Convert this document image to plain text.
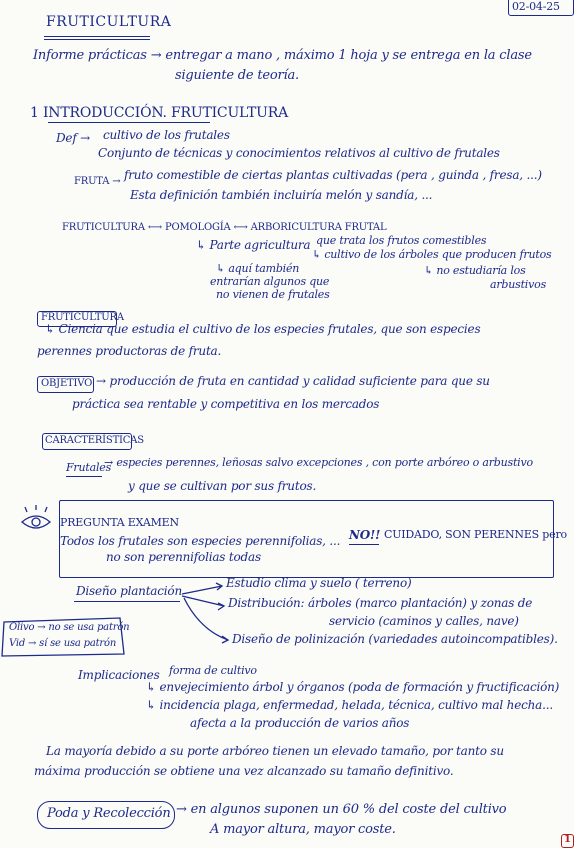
02-04-25
FRUTICULTURA
Informe prácticas → entregar a mano , máximo 1 hoja y se entrega en la clase
siguiente de teoría.
1 INTRODUCCIÓN. FRUTICULTURA
Def → cultivo de los frutales
Conjunto de técnicas y conocimientos relativos al cultivo de frutales
FRUTA → fruto comestible de ciertas plantas cultivadas (pera , guinda , fresa, ...)
Esta definición también incluiría melón y sandía, ...
FRUTICULTURA ⟷ POMOLOGÍA ⟷ ARBORICULTURA FRUTAL
↳ Parte agricultura que trata los frutos comestibles
↳ cultivo de los árboles que producen frutos
↳ aquí también
entrarían algunos que
no vienen de frutales
↳ no estudiaría los
arbustivos
FRUTICULTURA
↳ Ciencia que estudia el cultivo de los especies frutales, que son especies
perennes productoras de fruta.
OBJETIVO → producción de fruta en cantidad y calidad suficiente para que su
práctica sea rentable y competitiva en los mercados
CARACTERÍSTICAS
Frutales
→ especies perennes, leñosas salvo excepciones , con porte arbóreo o arbustivo
y que se cultivan por sus frutos.
PREGUNTA EXAMEN
Todos los frutales son especies perennifolias, ... NO!! CUIDADO, SON PERENNES pero
no son perennifolias todas
Diseño plantación
Estudio clima y suelo ( terreno)
Distribución: árboles (marco plantación) y zonas de
servicio (caminos y calles, nave)
Diseño de polinización (variedades autoincompatibles).
Olivo → no se usa patrón
Vid → sí se usa patrón
Implicaciones forma de cultivo
↳ envejecimiento árbol y órganos (poda de formación y fructificación)
↳ incidencia plaga, enfermedad, helada, técnica, cultivo mal hecha...
afecta a la producción de varios años
La mayoría debido a su porte arbóreo tienen un elevado tamaño, por tanto su
máxima producción se obtiene una vez alcanzado su tamaño definitivo.
Poda y Recolección → en algunos suponen un 60 % del coste del cultivo
A mayor altura, mayor coste.
1
